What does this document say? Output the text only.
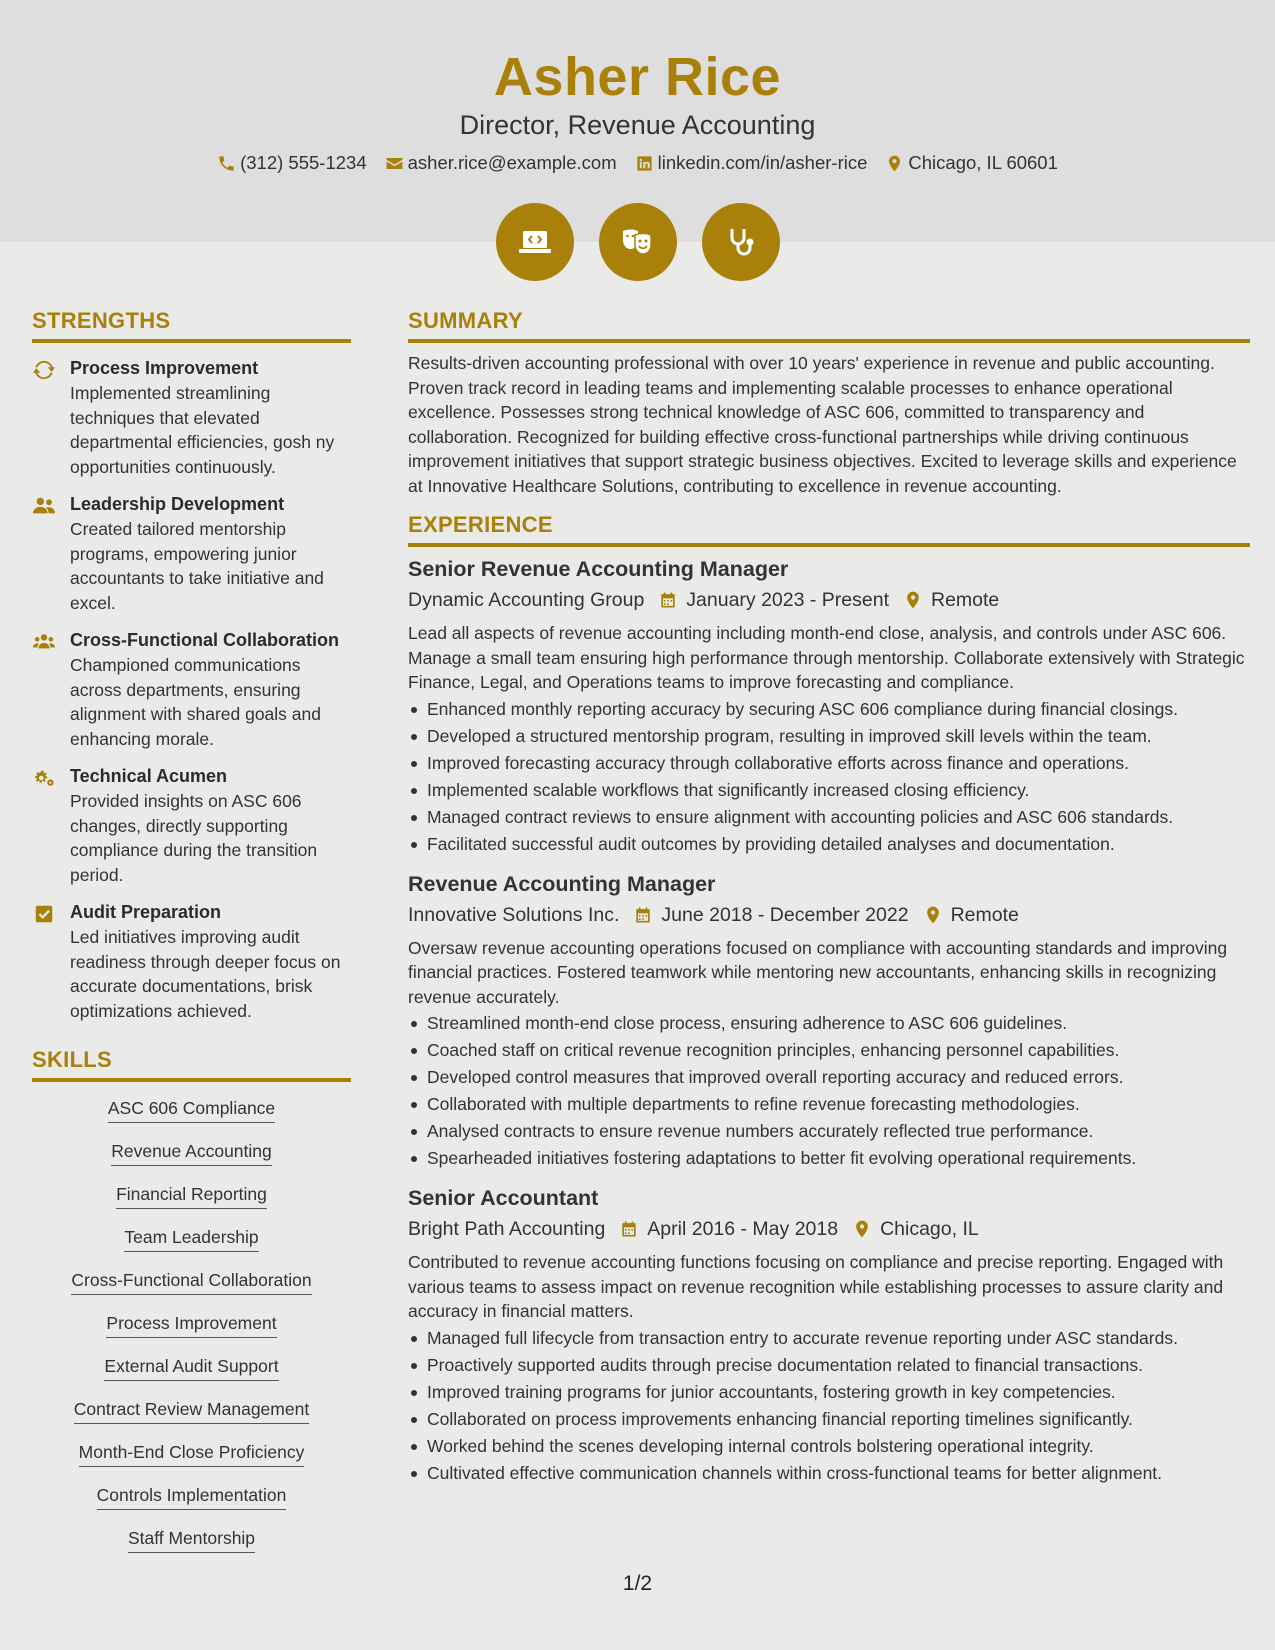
Asher Rice
Director, Revenue Accounting
(312) 555-1234 asher.rice@example.com linkedin.com/in/asher-rice Chicago, IL 60601
STRENGTHS
Process Improvement
Implemented streamlining techniques that elevated departmental efficiencies, gosh ny opportunities continuously.
Leadership Development
Created tailored mentorship programs, empowering junior accountants to take initiative and excel.
Cross-Functional Collaboration
Championed communications across departments, ensuring alignment with shared goals and enhancing morale.
Technical Acumen
Provided insights on ASC 606 changes, directly supporting compliance during the transition period.
Audit Preparation
Led initiatives improving audit readiness through deeper focus on accurate documentations, brisk optimizations achieved.
SKILLS
ASC 606 Compliance
Revenue Accounting
Financial Reporting
Team Leadership
Cross-Functional Collaboration
Process Improvement
External Audit Support
Contract Review Management
Month-End Close Proficiency
Controls Implementation
Staff Mentorship
SUMMARY
Results-driven accounting professional with over 10 years' experience in revenue and public accounting. Proven track record in leading teams and implementing scalable processes to enhance operational excellence. Possesses strong technical knowledge of ASC 606, committed to transparency and collaboration. Recognized for building effective cross-functional partnerships while driving continuous improvement initiatives that support strategic business objectives. Excited to leverage skills and experience at Innovative Healthcare Solutions, contributing to excellence in revenue accounting.
EXPERIENCE
Senior Revenue Accounting Manager
Dynamic Accounting Group January 2023 - Present Remote
Lead all aspects of revenue accounting including month-end close, analysis, and controls under ASC 606. Manage a small team ensuring high performance through mentorship. Collaborate extensively with Strategic Finance, Legal, and Operations teams to improve forecasting and compliance.
Enhanced monthly reporting accuracy by securing ASC 606 compliance during financial closings.
Developed a structured mentorship program, resulting in improved skill levels within the team.
Improved forecasting accuracy through collaborative efforts across finance and operations.
Implemented scalable workflows that significantly increased closing efficiency.
Managed contract reviews to ensure alignment with accounting policies and ASC 606 standards.
Facilitated successful audit outcomes by providing detailed analyses and documentation.
Revenue Accounting Manager
Innovative Solutions Inc. June 2018 - December 2022 Remote
Oversaw revenue accounting operations focused on compliance with accounting standards and improving financial practices. Fostered teamwork while mentoring new accountants, enhancing skills in recognizing revenue accurately.
Streamlined month-end close process, ensuring adherence to ASC 606 guidelines.
Coached staff on critical revenue recognition principles, enhancing personnel capabilities.
Developed control measures that improved overall reporting accuracy and reduced errors.
Collaborated with multiple departments to refine revenue forecasting methodologies.
Analysed contracts to ensure revenue numbers accurately reflected true performance.
Spearheaded initiatives fostering adaptations to better fit evolving operational requirements.
Senior Accountant
Bright Path Accounting April 2016 - May 2018 Chicago, IL
Contributed to revenue accounting functions focusing on compliance and precise reporting. Engaged with various teams to assess impact on revenue recognition while establishing processes to assure clarity and accuracy in financial matters.
Managed full lifecycle from transaction entry to accurate revenue reporting under ASC standards.
Proactively supported audits through precise documentation related to financial transactions.
Improved training programs for junior accountants, fostering growth in key competencies.
Collaborated on process improvements enhancing financial reporting timelines significantly.
Worked behind the scenes developing internal controls bolstering operational integrity.
Cultivated effective communication channels within cross-functional teams for better alignment.
1/2
